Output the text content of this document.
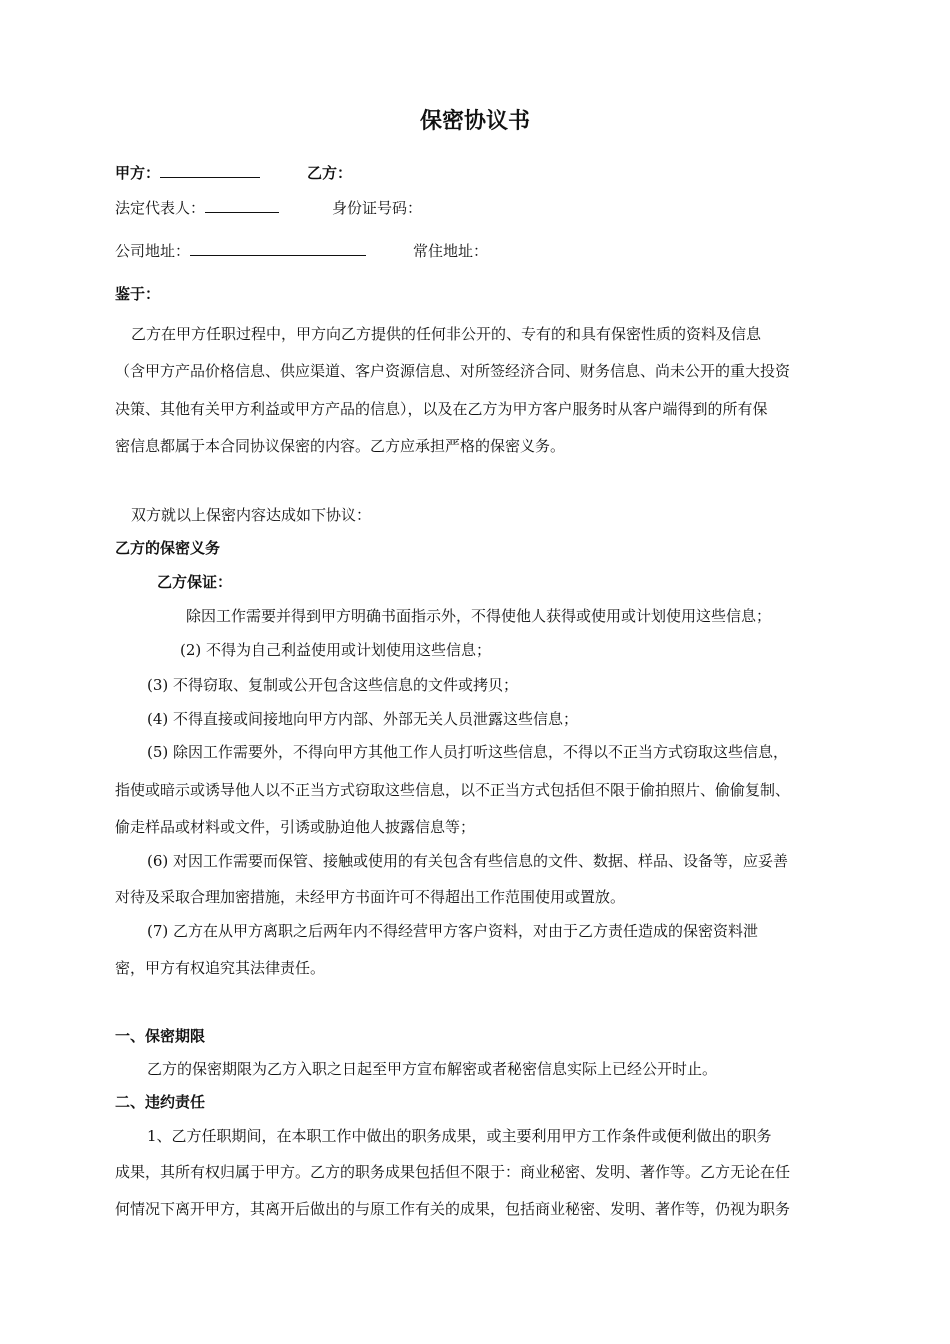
保密协议书
甲方：	乙方：
法定代表人：	身份证号码：
公司地址：	常住地址：
鉴于：
乙方在甲方任职过程中，甲方向乙方提供的任何非公开的、专有的和具有保密性质的资料及信息
（含甲方产品价格信息、供应渠道、客户资源信息、对所签经济合同、财务信息、尚未公开的重大投资
决策、其他有关甲方利益或甲方产品的信息），以及在乙方为甲方客户服务时从客户端得到的所有保
密信息都属于本合同协议保密的内容。乙方应承担严格的保密义务。
双方就以上保密内容达成如下协议：
乙方的保密义务
乙方保证：
除因工作需要并得到甲方明确书面指示外，不得使他人获得或使用或计划使用这些信息；
(2) 不得为自己利益使用或计划使用这些信息；
(3) 不得窃取、复制或公开包含这些信息的文件或拷贝；
(4) 不得直接或间接地向甲方内部、外部无关人员泄露这些信息；
(5) 除因工作需要外，不得向甲方其他工作人员打听这些信息，不得以不正当方式窃取这些信息，
指使或暗示或诱导他人以不正当方式窃取这些信息，以不正当方式包括但不限于偷拍照片、偷偷复制、
偷走样品或材料或文件，引诱或胁迫他人披露信息等；
(6) 对因工作需要而保管、接触或使用的有关包含有些信息的文件、数据、样品、设备等，应妥善
对待及采取合理加密措施，未经甲方书面许可不得超出工作范围使用或置放。
(7) 乙方在从甲方离职之后两年内不得经营甲方客户资料，对由于乙方责任造成的保密资料泄
密，甲方有权追究其法律责任。
一、保密期限
乙方的保密期限为乙方入职之日起至甲方宣布解密或者秘密信息实际上已经公开时止。
二、违约责任
1、乙方任职期间，在本职工作中做出的职务成果，或主要利用甲方工作条件或便利做出的职务
成果，其所有权归属于甲方。乙方的职务成果包括但不限于：商业秘密、发明、著作等。乙方无论在任
何情况下离开甲方，其离开后做出的与原工作有关的成果，包括商业秘密、发明、著作等，仍视为职务
